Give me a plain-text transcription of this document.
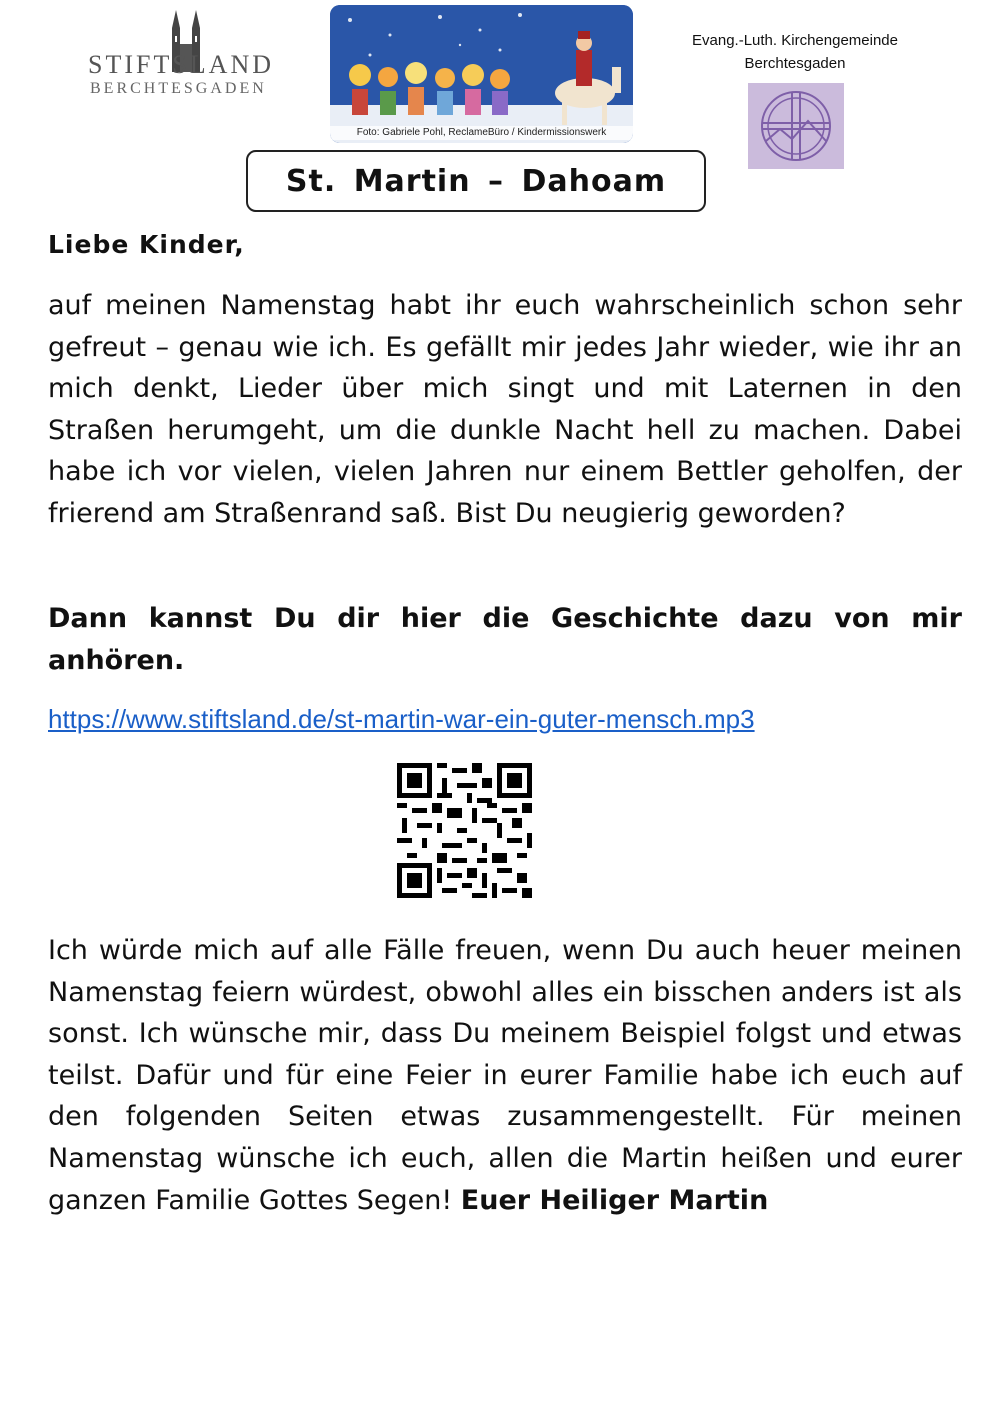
STIFTSLAND
BERCHTESGADEN
Foto: Gabriele Pohl, ReclameBüro / Kindermissionswerk
Evang.-Luth. Kirchengemeinde
Berchtesgaden
St. Martin – Dahoam
Liebe Kinder,
auf meinen Namenstag habt ihr euch wahrscheinlich schon sehr gefreut – genau wie ich. Es gefällt mir jedes Jahr wieder, wie ihr an mich denkt, Lieder über mich singt und mit Laternen in den Straßen herumgeht, um die dunkle Nacht hell zu machen. Dabei habe ich vor vielen, vielen Jahren nur einem Bettler geholfen, der frierend am Straßenrand saß. Bist Du neugierig geworden?
Dann kannst Du dir hier die Geschichte dazu von mir anhören.
https://www.stiftsland.de/st-martin-war-ein-guter-mensch.mp3
Ich würde mich auf alle Fälle freuen, wenn Du auch heuer meinen Namenstag feiern würdest, obwohl alles ein bisschen anders ist als sonst. Ich wünsche mir, dass Du meinem Beispiel folgst und etwas teilst. Dafür und für eine Feier in eurer Familie habe ich euch auf den folgenden Seiten etwas zusammengestellt. Für meinen Namenstag wünsche ich euch, allen die Martin heißen und eurer ganzen Familie Gottes Segen! Euer Heiliger Martin
